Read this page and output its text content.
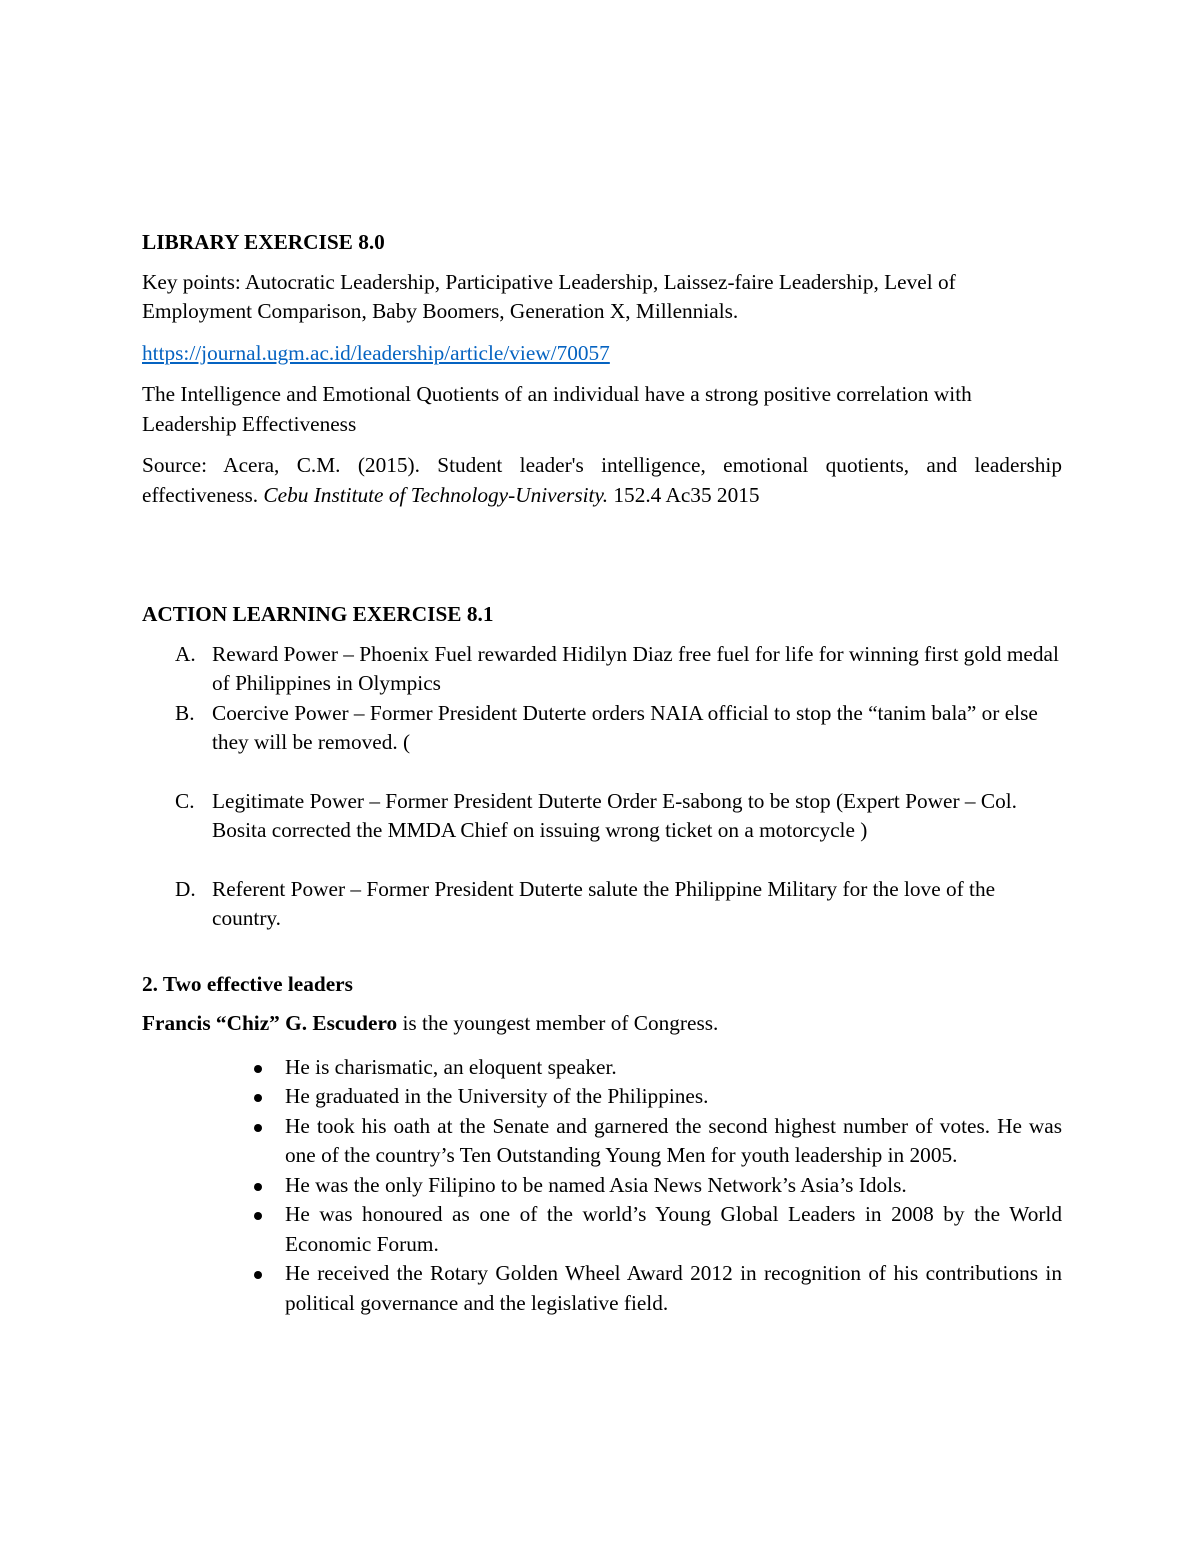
LIBRARY EXERCISE 8.0

Key points: Autocratic Leadership, Participative Leadership, Laissez-faire Leadership, Level of Employment Comparison, Baby Boomers, Generation X, Millennials.

https://journal.ugm.ac.id/leadership/article/view/70057

The Intelligence and Emotional Quotients of an individual have a strong positive correlation with Leadership Effectiveness

Source: Acera, C.M. (2015). Student leader's intelligence, emotional quotients, and leadership effectiveness. Cebu Institute of Technology-University. 152.4 Ac35 2015

ACTION LEARNING EXERCISE 8.1
A. Reward Power – Phoenix Fuel rewarded Hidilyn Diaz free fuel for life for winning first gold medal of Philippines in Olympics
B. Coercive Power – Former President Duterte orders NAIA official to stop the “tanim bala” or else they will be removed. (
C. Legitimate Power – Former President Duterte Order E-sabong to be stop (Expert Power – Col. Bosita corrected the MMDA Chief on issuing wrong ticket on a motorcycle )
D. Referent Power – Former President Duterte salute the Philippine Military for the love of the country.
2. Two effective leaders

Francis “Chiz” G. Escudero is the youngest member of Congress.

He is charismatic, an eloquent speaker.
He graduated in the University of the Philippines.
He took his oath at the Senate and garnered the second highest number of votes. He was one of the country’s Ten Outstanding Young Men for youth leadership in 2005.
He was the only Filipino to be named Asia News Network’s Asia’s Idols.
He was honoured as one of the world’s Young Global Leaders in 2008 by the World Economic Forum.
He received the Rotary Golden Wheel Award 2012 in recognition of his contributions in political governance and the legislative field.
